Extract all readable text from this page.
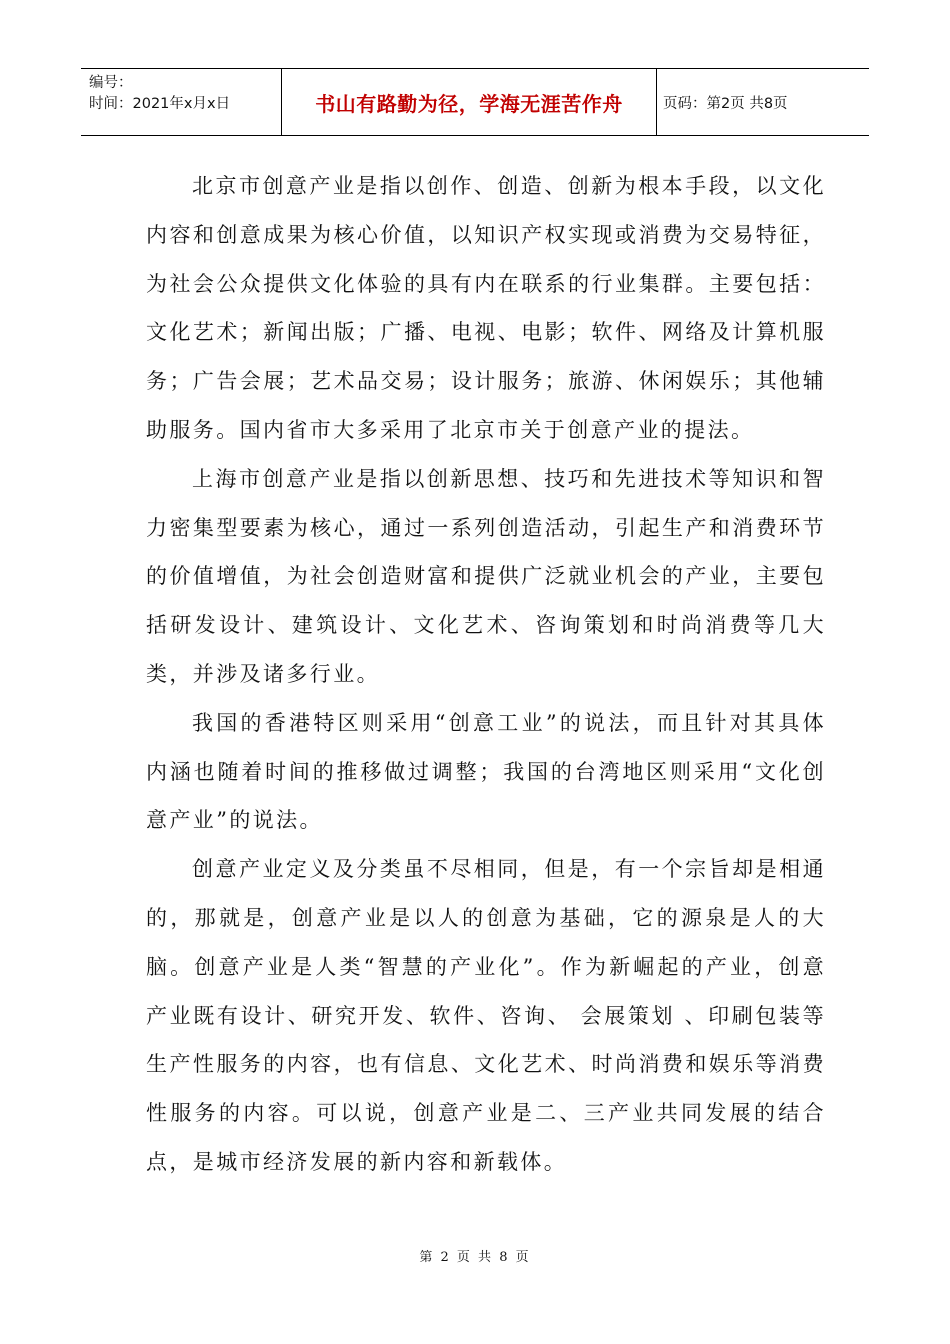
编号：
时间：2021年x月x日	书山有路勤为径，学海无涯苦作舟	页码：第2页 共8页

北京市创意产业是指以创作、创造、创新为根本手段，以文化内容和创意成果为核心价值，以知识产权实现或消费为交易特征，为社会公众提供文化体验的具有内在联系的行业集群。主要包括：文化艺术；新闻出版；广播、电视、电影；软件、网络及计算机服务；广告会展；艺术品交易；设计服务；旅游、休闲娱乐；其他辅助服务。国内省市大多采用了北京市关于创意产业的提法。

上海市创意产业是指以创新思想、技巧和先进技术等知识和智力密集型要素为核心，通过一系列创造活动，引起生产和消费环节的价值增值，为社会创造财富和提供广泛就业机会的产业，主要包括研发设计、建筑设计、文化艺术、咨询策划和时尚消费等几大类，并涉及诸多行业。

我国的香港特区则采用“创意工业”的说法，而且针对其具体内涵也随着时间的推移做过调整；我国的台湾地区则采用“文化创意产业”的说法。

创意产业定义及分类虽不尽相同，但是，有一个宗旨却是相通的，那就是，创意产业是以人的创意为基础，它的源泉是人的大脑。创意产业是人类“智慧的产业化”。作为新崛起的产业，创意产业既有设计、研究开发、软件、咨询、 会展策划 、印刷包装等生产性服务的内容，也有信息、文化艺术、时尚消费和娱乐等消费性服务的内容。可以说，创意产业是二、三产业共同发展的结合点，是城市经济发展的新内容和新载体。

第 2 页 共 8 页
